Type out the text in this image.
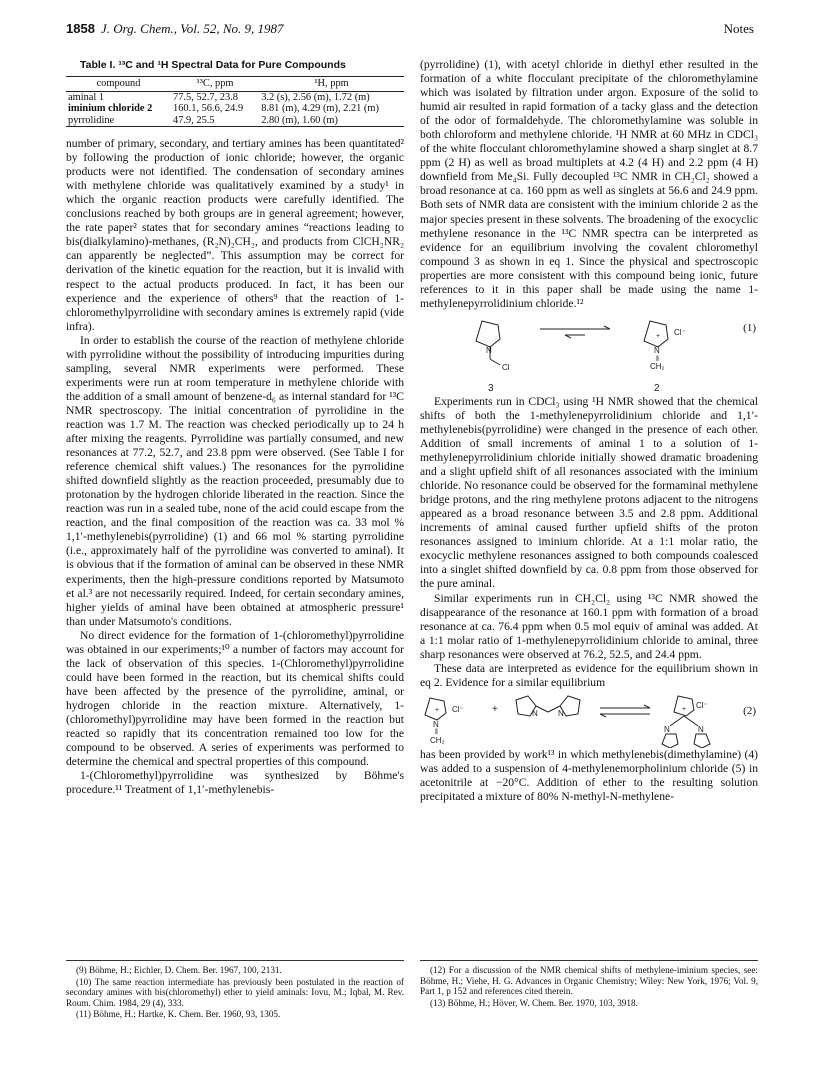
1858 J. Org. Chem., Vol. 52, No. 9, 1987	Notes
Table I. ¹³C and ¹H Spectral Data for Pure Compounds
compound	¹³C, ppm	¹H, ppm
aminal 1	77.5, 52.7, 23.8	3.2 (s), 2.56 (m), 1.72 (m)
iminium chloride 2	160.1, 56.6, 24.9	8.81 (m), 4.29 (m), 2.21 (m)
pyrrolidine	47.9, 25.5	2.80 (m), 1.60 (m)

number of primary, secondary, and tertiary amines has been quantitated² by following the production of ionic chloride; however, the organic products were not identified. The condensation of secondary amines with methylene chloride was qualitatively examined by a study¹ in which the organic reaction products were carefully identified. The conclusions reached by both groups are in general agreement; however, the rate paper² states that for secondary amines “reactions leading to bis(dialkylamino)-methanes, (R₂N)₂CH₂, and products from ClCH₂NR₂ can apparently be neglected”. This assumption may be correct for derivation of the kinetic equation for the reaction, but it is invalid with respect to the actual products produced. In fact, it has been our experience and the experience of others⁹ that the reaction of 1-chloromethylpyrrolidine with secondary amines is extremely rapid (vide infra).

In order to establish the course of the reaction of methylene chloride with pyrrolidine without the possibility of introducing impurities during sampling, several NMR experiments were performed. These experiments were run at room temperature in methylene chloride with the addition of a small amount of benzene-d₆ as internal standard for ¹³C NMR spectroscopy. The initial concentration of pyrrolidine in the reaction was 1.7 M. The reaction was checked periodically up to 24 h after mixing the reagents. Pyrrolidine was partially consumed, and new resonances at 77.2, 52.7, and 23.8 ppm were observed. (See Table I for reference chemical shift values.) The resonances for the pyrrolidine shifted downfield slightly as the reaction proceeded, presumably due to protonation by the hydrogen chloride liberated in the reaction. Since the reaction was run in a sealed tube, none of the acid could escape from the reaction, and the final composition of the reaction was ca. 33 mol % 1,1′-methylenebis(pyrrolidine) (1) and 66 mol % starting pyrrolidine (i.e., approximately half of the pyrrolidine was converted to aminal). It is obvious that if the formation of aminal can be observed in these NMR experiments, then the high-pressure conditions reported by Matsumoto et al.³ are not necessarily required. Indeed, for certain secondary amines, higher yields of aminal have been obtained at atmospheric pressure¹ than under Matsumoto's conditions.

No direct evidence for the formation of 1-(chloromethyl)pyrrolidine was obtained in our experiments;¹⁰ a number of factors may account for the lack of observation of this species. 1-(Chloromethyl)pyrrolidine could have been formed in the reaction, but its chemical shifts could have been affected by the presence of the pyrrolidine, aminal, or hydrogen chloride in the reaction mixture. Alternatively, 1-(chloromethyl)pyrrolidine may have been formed in the reaction but reacted so rapidly that its concentration remained too low for the compound to be observed. A series of experiments was performed to determine the chemical and spectral properties of this compound.

1-(Chloromethyl)pyrrolidine was synthesized by Böhme's procedure.¹¹ Treatment of 1,1′-methylenebis-

(pyrrolidine) (1), with acetyl chloride in diethyl ether resulted in the formation of a white flocculant precipitate of the chloromethylamine which was isolated by filtration under argon. Exposure of the solid to humid air resulted in rapid formation of a tacky glass and the detection of the odor of formaldehyde. The chloromethylamine was soluble in both chloroform and methylene chloride. ¹H NMR at 60 MHz in CDCl₃ of the white flocculant chloromethylamine showed a sharp singlet at 8.7 ppm (2 H) as well as broad multiplets at 4.2 (4 H) and 2.2 ppm (4 H) downfield from Me₄Si. Fully decoupled ¹³C NMR in CH₂Cl₂ showed a broad resonance at ca. 160 ppm as well as singlets at 56.6 and 24.9 ppm. Both sets of NMR data are consistent with the iminium chloride 2 as the major species present in these solvents. The broadening of the exocyclic methylene resonance in the ¹³C NMR spectra can be interpreted as evidence for an equilibrium involving the covalent chloromethyl compound 3 as shown in eq 1. Since the physical and spectroscopic properties are more consistent with this compound being ionic, future references to it in this paper shall be made using the name 1-methylenepyrrolidinium chloride.¹²

N
Cl
3
N
+ Cl⁻
‖
CH₂
2
(1)

Experiments run in CDCl₃ using ¹H NMR showed that the chemical shifts of both the 1-methylenepyrrolidinium chloride and 1,1′-methylenebis(pyrrolidine) were changed in the presence of each other. Addition of small increments of aminal 1 to a solution of 1-methylenepyrrolidinium chloride initially showed dramatic broadening and a slight upfield shift of all resonances associated with the iminium chloride. No resonance could be observed for the formaminal methylene bridge protons, and the ring methylene protons adjacent to the nitrogens appeared as a broad resonance between 3.5 and 2.8 ppm. Additional increments of aminal caused further upfield shifts of the proton resonances assigned to iminium chloride. At a 1:1 molar ratio, the exocyclic methylene resonances assigned to both compounds coalesced into a singlet shifted downfield by ca. 0.8 ppm from those observed for the pure aminal.

Similar experiments run in CH₂Cl₂ using ¹³C NMR showed the disappearance of the resonance at 160.1 ppm with formation of a broad resonance at ca. 76.4 ppm when 0.5 mol equiv of aminal was added. At a 1:1 molar ratio of 1-methylenepyrrolidinium chloride to aminal, three sharp resonances were observed at 76.2, 52.5, and 24.4 ppm.

These data are interpreted as evidence for the equilibrium shown in eq 2. Evidence for a similar equilibrium

N
+ Cl⁻
‖
CH₂
+	N	N	+ Cl⁻
N	N
(2)

has been provided by work¹³ in which methylenebis(dimethylamine) (4) was added to a suspension of 4-methylenemorpholinium chloride (5) in acetonitrile at −20°C. Addition of ether to the resulting solution precipitated a mixture of 80% N-methyl-N-methylene-

(9) Böhme, H.; Eichler, D. Chem. Ber. 1967, 100, 2131.

(10) The same reaction intermediate has previously been postulated in the reaction of secondary amines with bis(chloromethyl) ether to yield aminals: Iovu, M.; Iqbal, M. Rev. Roum. Chim. 1984, 29 (4), 333.

(11) Böhme, H.; Hartke, K. Chem. Ber. 1960, 93, 1305.

(12) For a discussion of the NMR chemical shifts of methylene-iminium species, see: Böhme, H.; Viehe, H. G. Advances in Organic Chemistry; Wiley: New York, 1976; Vol. 9, Part 1, p 152 and references cited therein.

(13) Böhme, H.; Höver, W. Chem. Ber. 1970, 103, 3918.
